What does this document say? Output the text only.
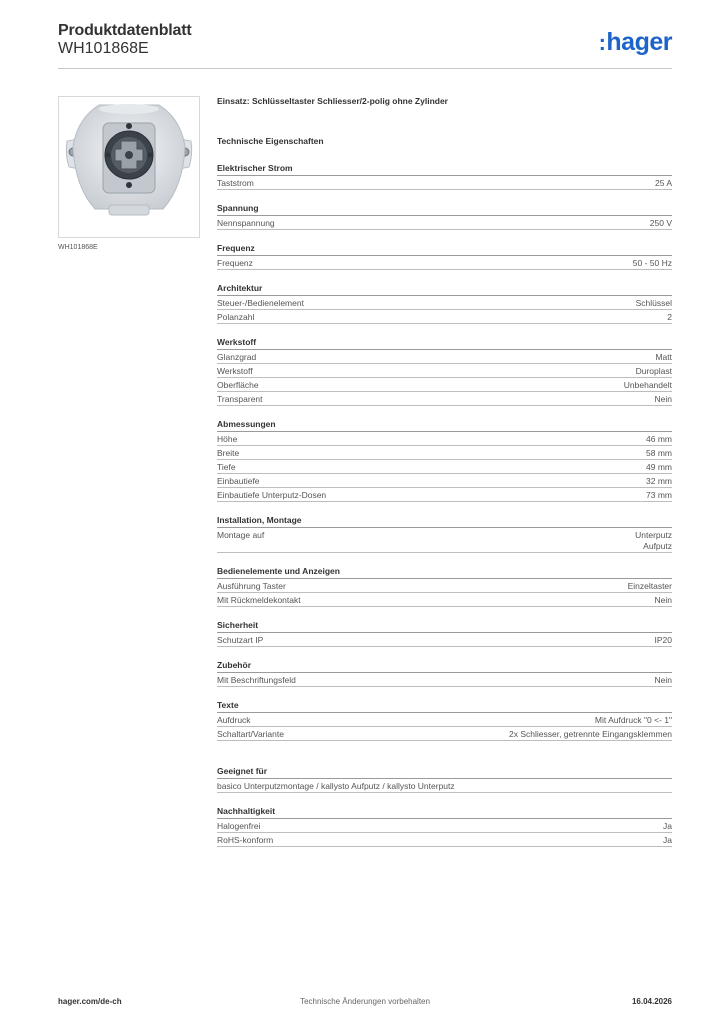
Produktdatenblatt
WH101868E	:hager
WH101868E
Einsatz: Schlüsseltaster Schliesser/2-polig ohne Zylinder
Technische Eigenschaften
Elektrischer Strom
Taststrom	25 A
Spannung
Nennspannung	250 V
Frequenz
Frequenz	50 - 50 Hz
Architektur
Steuer-/Bedienelement	Schlüssel
Polanzahl	2
Werkstoff
Glanzgrad	Matt
Werkstoff	Duroplast
Oberfläche	Unbehandelt
Transparent	Nein
Abmessungen
Höhe	46 mm
Breite	58 mm
Tiefe	49 mm
Einbautiefe	32 mm
Einbautiefe Unterputz-Dosen	73 mm
Installation, Montage
Montage auf	Unterputz
Aufputz
Bedienelemente und Anzeigen
Ausführung Taster	Einzeltaster
Mit Rückmeldekontakt	Nein
Sicherheit
Schutzart IP	IP20
Zubehör
Mit Beschriftungsfeld	Nein
Texte
Aufdruck	Mit Aufdruck "0 <- 1"
Schaltart/Variante	2x Schliesser, getrennte Eingangsklemmen
Geeignet für
basico Unterputzmontage / kallysto Aufputz / kallysto Unterputz
Nachhaltigkeit
Halogenfrei	Ja
RoHS-konform	Ja
hager.com/de-ch	Technische Änderungen vorbehalten	16.04.2026
